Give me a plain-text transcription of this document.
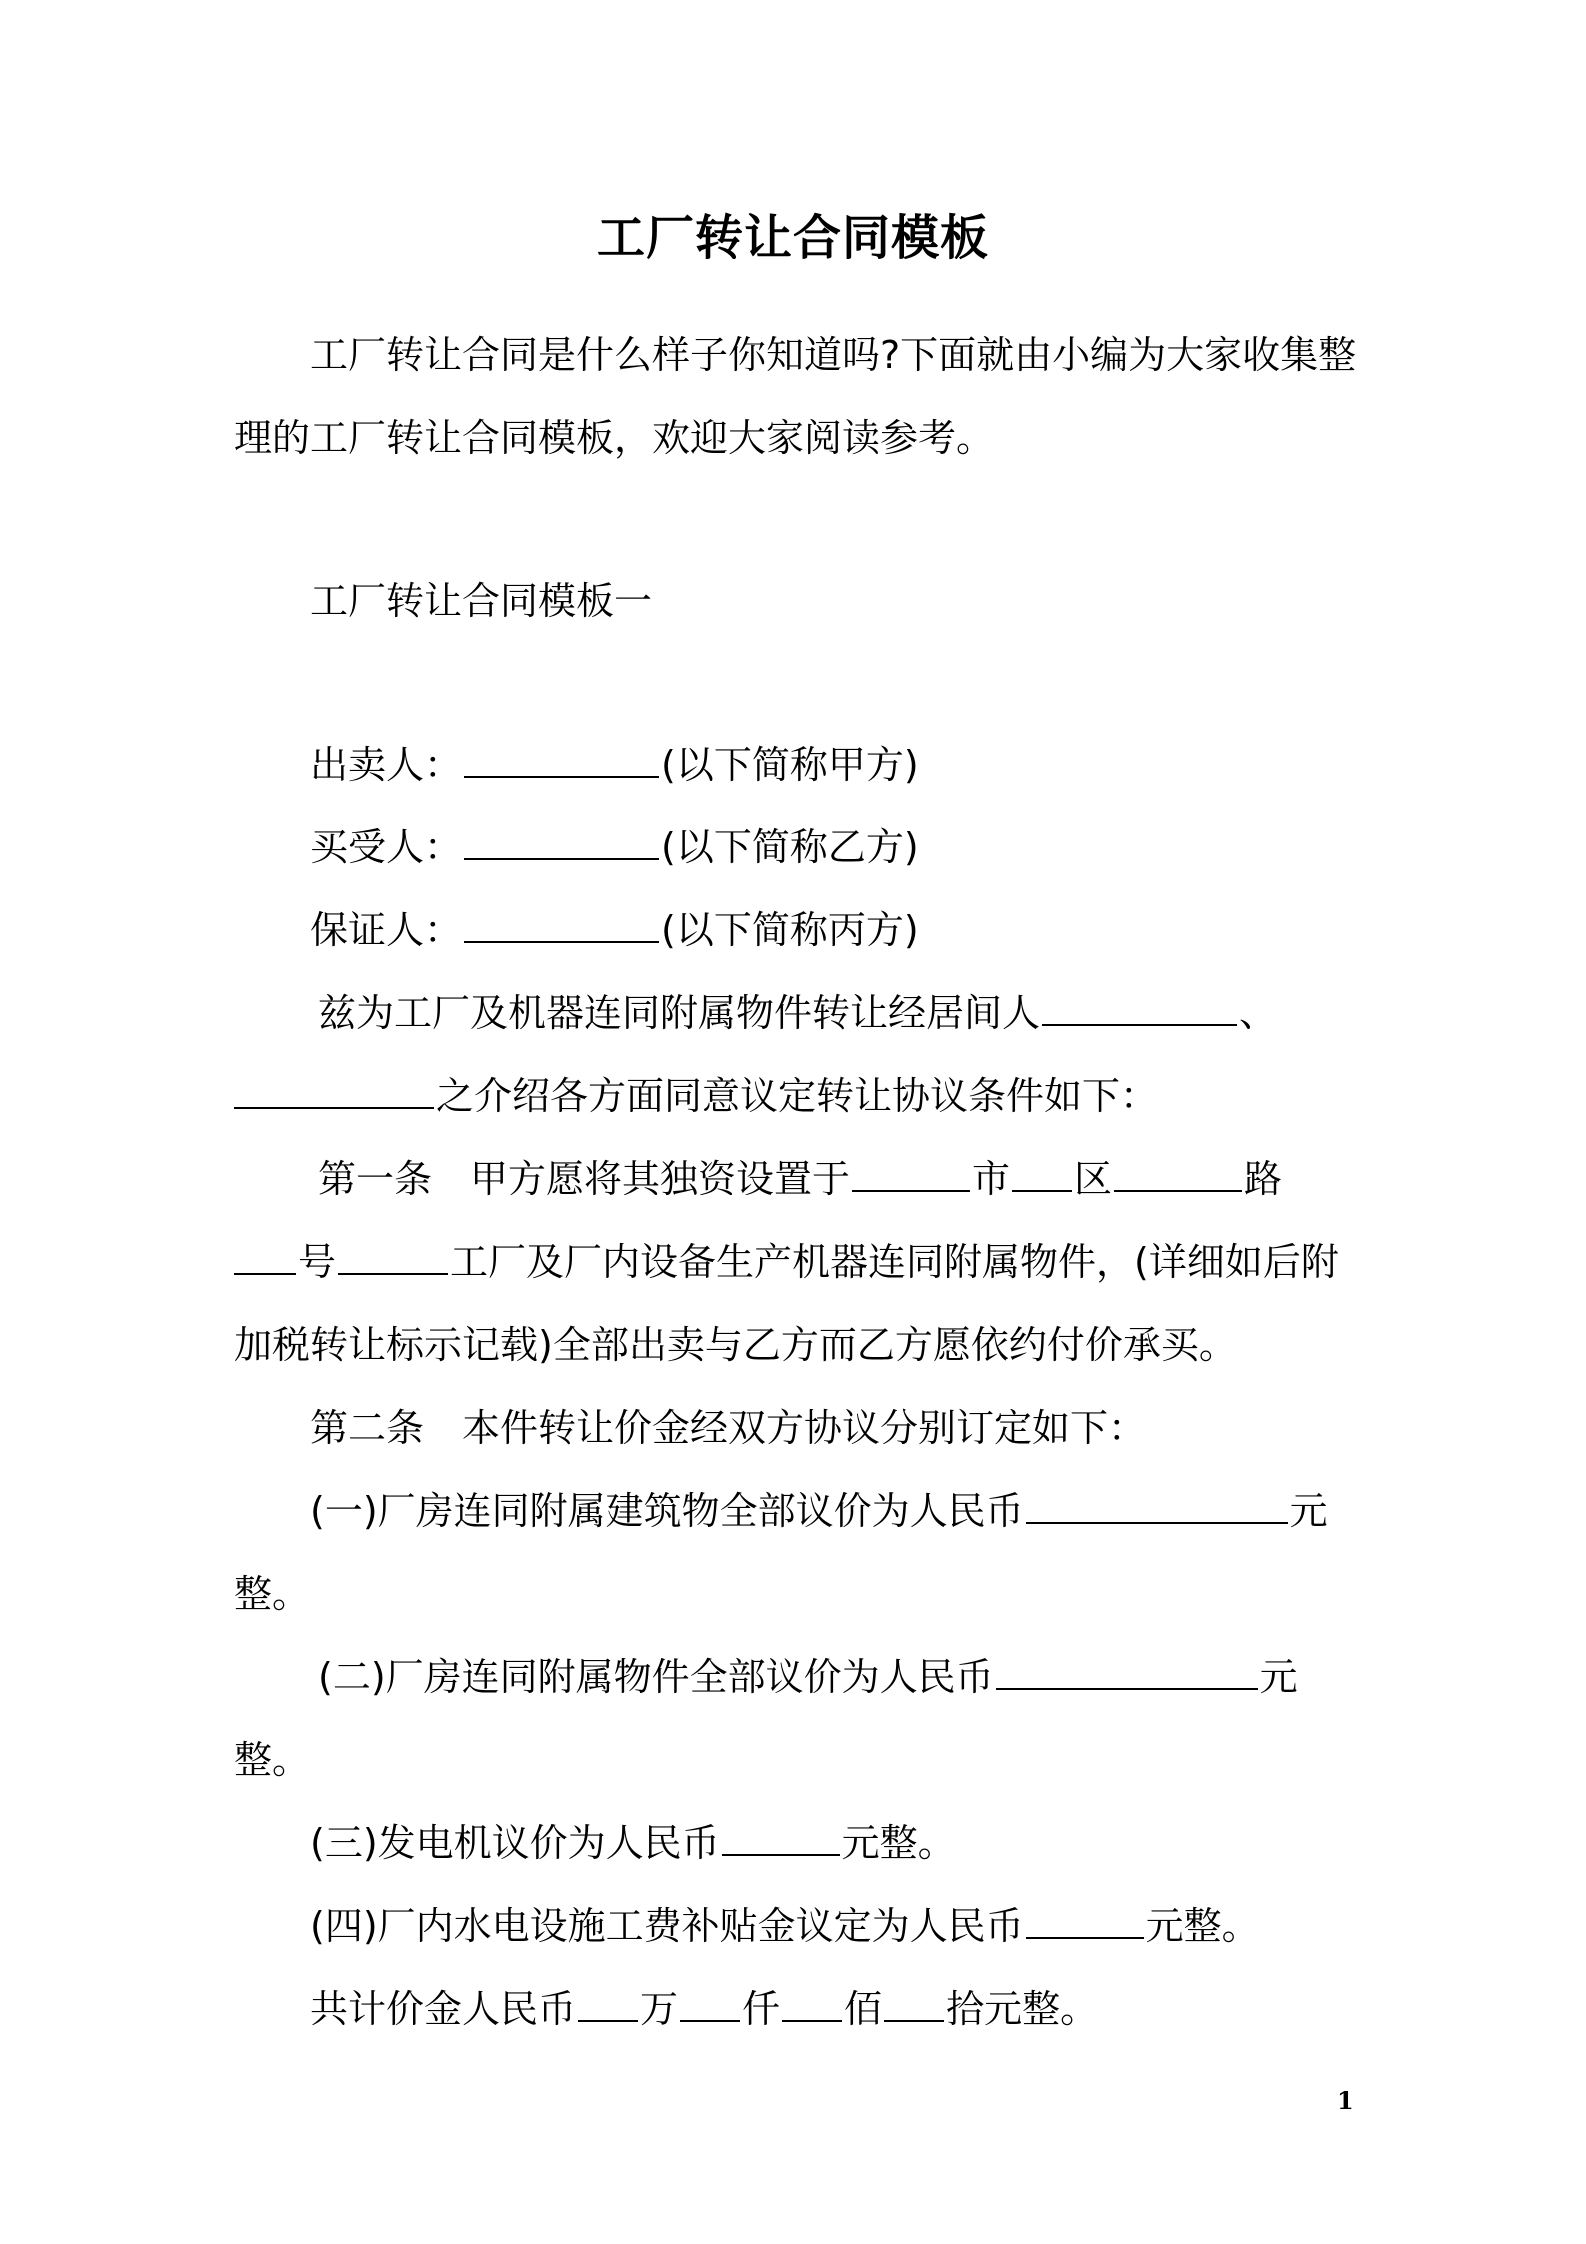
工厂转让合同模板
工厂转让合同是什么样子你知道吗?下面就由小编为大家收集整
理的工厂转让合同模板，欢迎大家阅读参考。
工厂转让合同模板一
出卖人：	(以下简称甲方)
买受人：	(以下简称乙方)
保证人：	(以下简称丙方)
兹为工厂及机器连同附属物件转让经居间人	、
之介绍各方面同意议定转让协议条件如下：
第一条　甲方愿将其独资设置于	市 区	路
号	工厂及厂内设备生产机器连同附属物件，(详细如后附
加税转让标示记载)全部出卖与乙方而乙方愿依约付价承买。
第二条　本件转让价金经双方协议分别订定如下：
(一)厂房连同附属建筑物全部议价为人民币	元
整。
(二)厂房连同附属物件全部议价为人民币	元
整。
(三)发电机议价为人民币	元整。
(四)厂内水电设施工费补贴金议定为人民币	元整。
共计价金人民币 万 仟 佰 拾元整。
1
